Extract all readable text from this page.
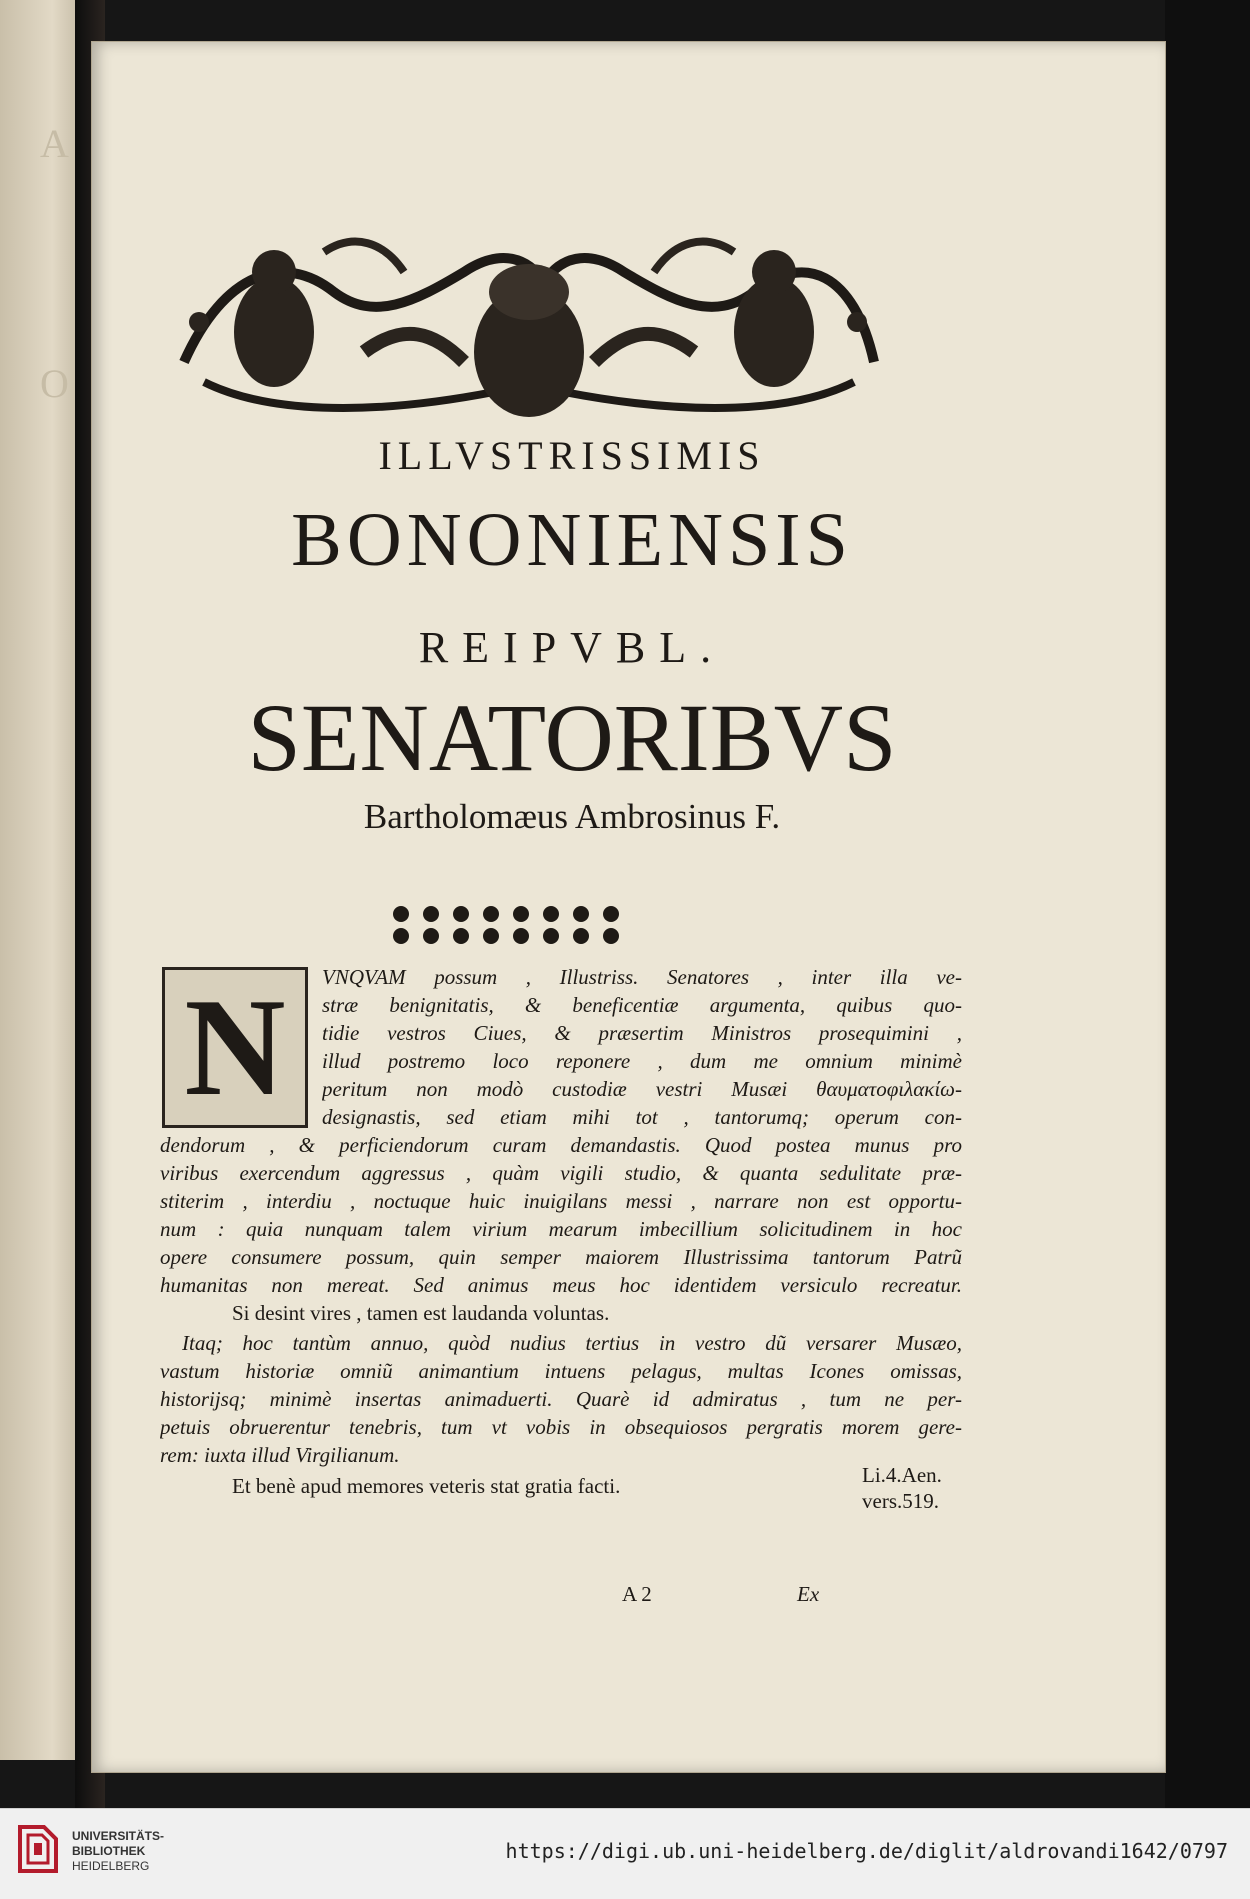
A
O
ILLVSTRISSIMIS
BONONIENSIS
REIPVBL.
SENATORIBVS
Bartholomæus Ambrosinus F.
N	VNQVAM possum , Illustriss. Senatores , inter illa ve-
stræ benignitatis, & beneficentiæ argumenta, quibus quo-
tidie vestros Ciues, & præsertim Ministros prosequimini ,
illud postremo loco reponere , dum me omnium minimè
peritum non modò custodiæ vestri Musæi θαυματοφιλακίω-
designastis, sed etiam mihi tot , tantorumq; operum con-
dendorum , & perficiendorum curam demandastis. Quod postea munus pro
viribus exercendum aggressus , quàm vigili studio, & quanta sedulitate præ-
stiterim , interdiu , noctuque huic inuigilans messi , narrare non est opportu-
num : quia nunquam talem virium mearum imbecillium solicitudinem in hoc
opere consumere possum, quin semper maiorem Illustrissima tantorum Patrũ
humanitas non mereat. Sed animus meus hoc identidem versiculo recreatur.
Si desint vires , tamen est laudanda voluntas.
Itaq; hoc tantùm annuo, quòd nudius tertius in vestro dũ versarer Musæo,
vastum historiæ omniũ animantium intuens pelagus, multas Icones omissas,
historijsq; minimè insertas animaduerti. Quarè id admiratus , tum ne per-
petuis obruerentur tenebris, tum vt vobis in obsequiosos pergratis morem gere-
rem: iuxta illud Virgilianum.
Et benè apud memores veteris stat gratia facti.	Li.4.Aen.
vers.519.
A 2	Ex
UNIVERSITÄTS-
BIBLIOTHEK
HEIDELBERG
https://digi.ub.uni-heidelberg.de/diglit/aldrovandi1642/0797
